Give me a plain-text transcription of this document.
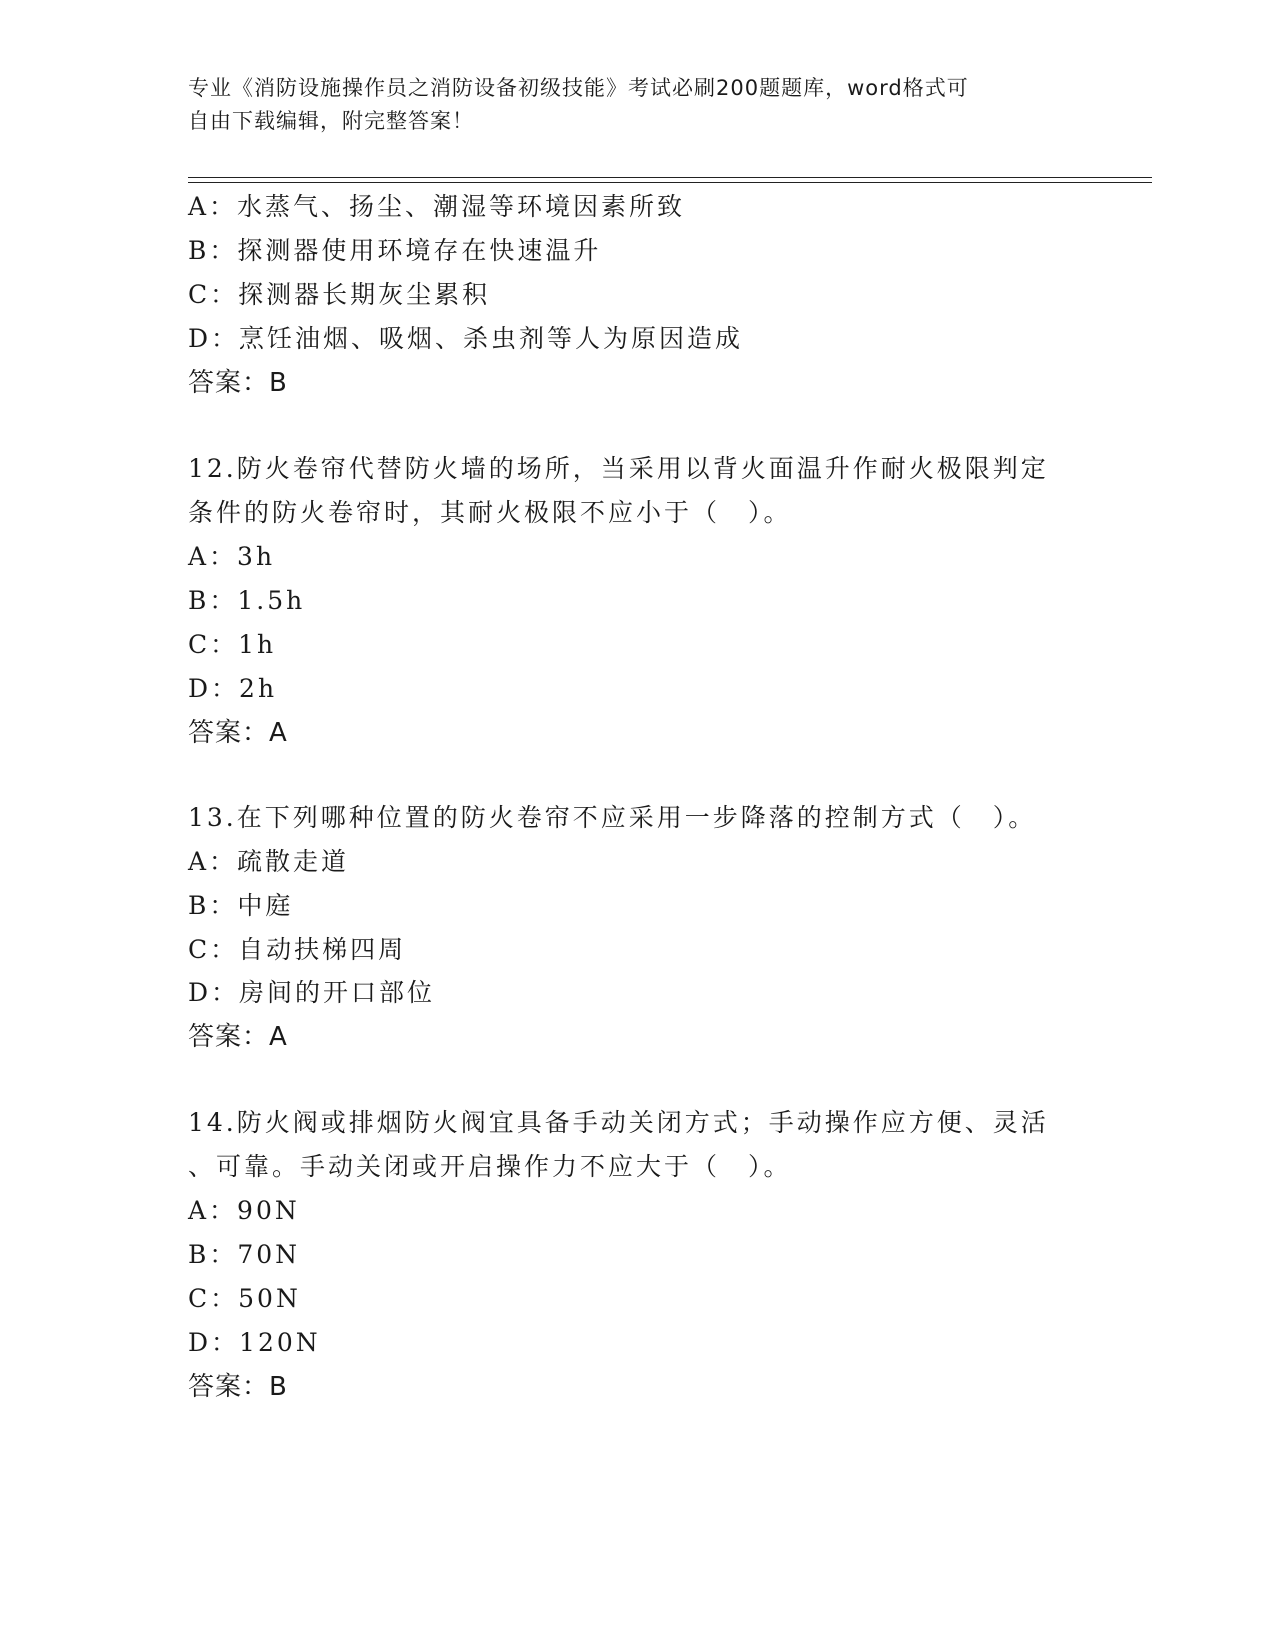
专业《消防设施操作员之消防设备初级技能》考试必刷200题题库，word格式可
自由下载编辑，附完整答案！
A：水蒸气、扬尘、潮湿等环境因素所致
B：探测器使用环境存在快速温升
C：探测器长期灰尘累积
D：烹饪油烟、吸烟、杀虫剂等人为原因造成
答案：B
12.防火卷帘代替防火墙的场所，当采用以背火面温升作耐火极限判定
条件的防火卷帘时，其耐火极限不应小于（　）。
A：3h
B：1.5h
C：1h
D：2h
答案：A
13.在下列哪种位置的防火卷帘不应采用一步降落的控制方式（　）。
A：疏散走道
B：中庭
C：自动扶梯四周
D：房间的开口部位
答案：A
14.防火阀或排烟防火阀宜具备手动关闭方式；手动操作应方便、灵活
、可靠。手动关闭或开启操作力不应大于（　）。
A：90N
B：70N
C：50N
D：120N
答案：B
